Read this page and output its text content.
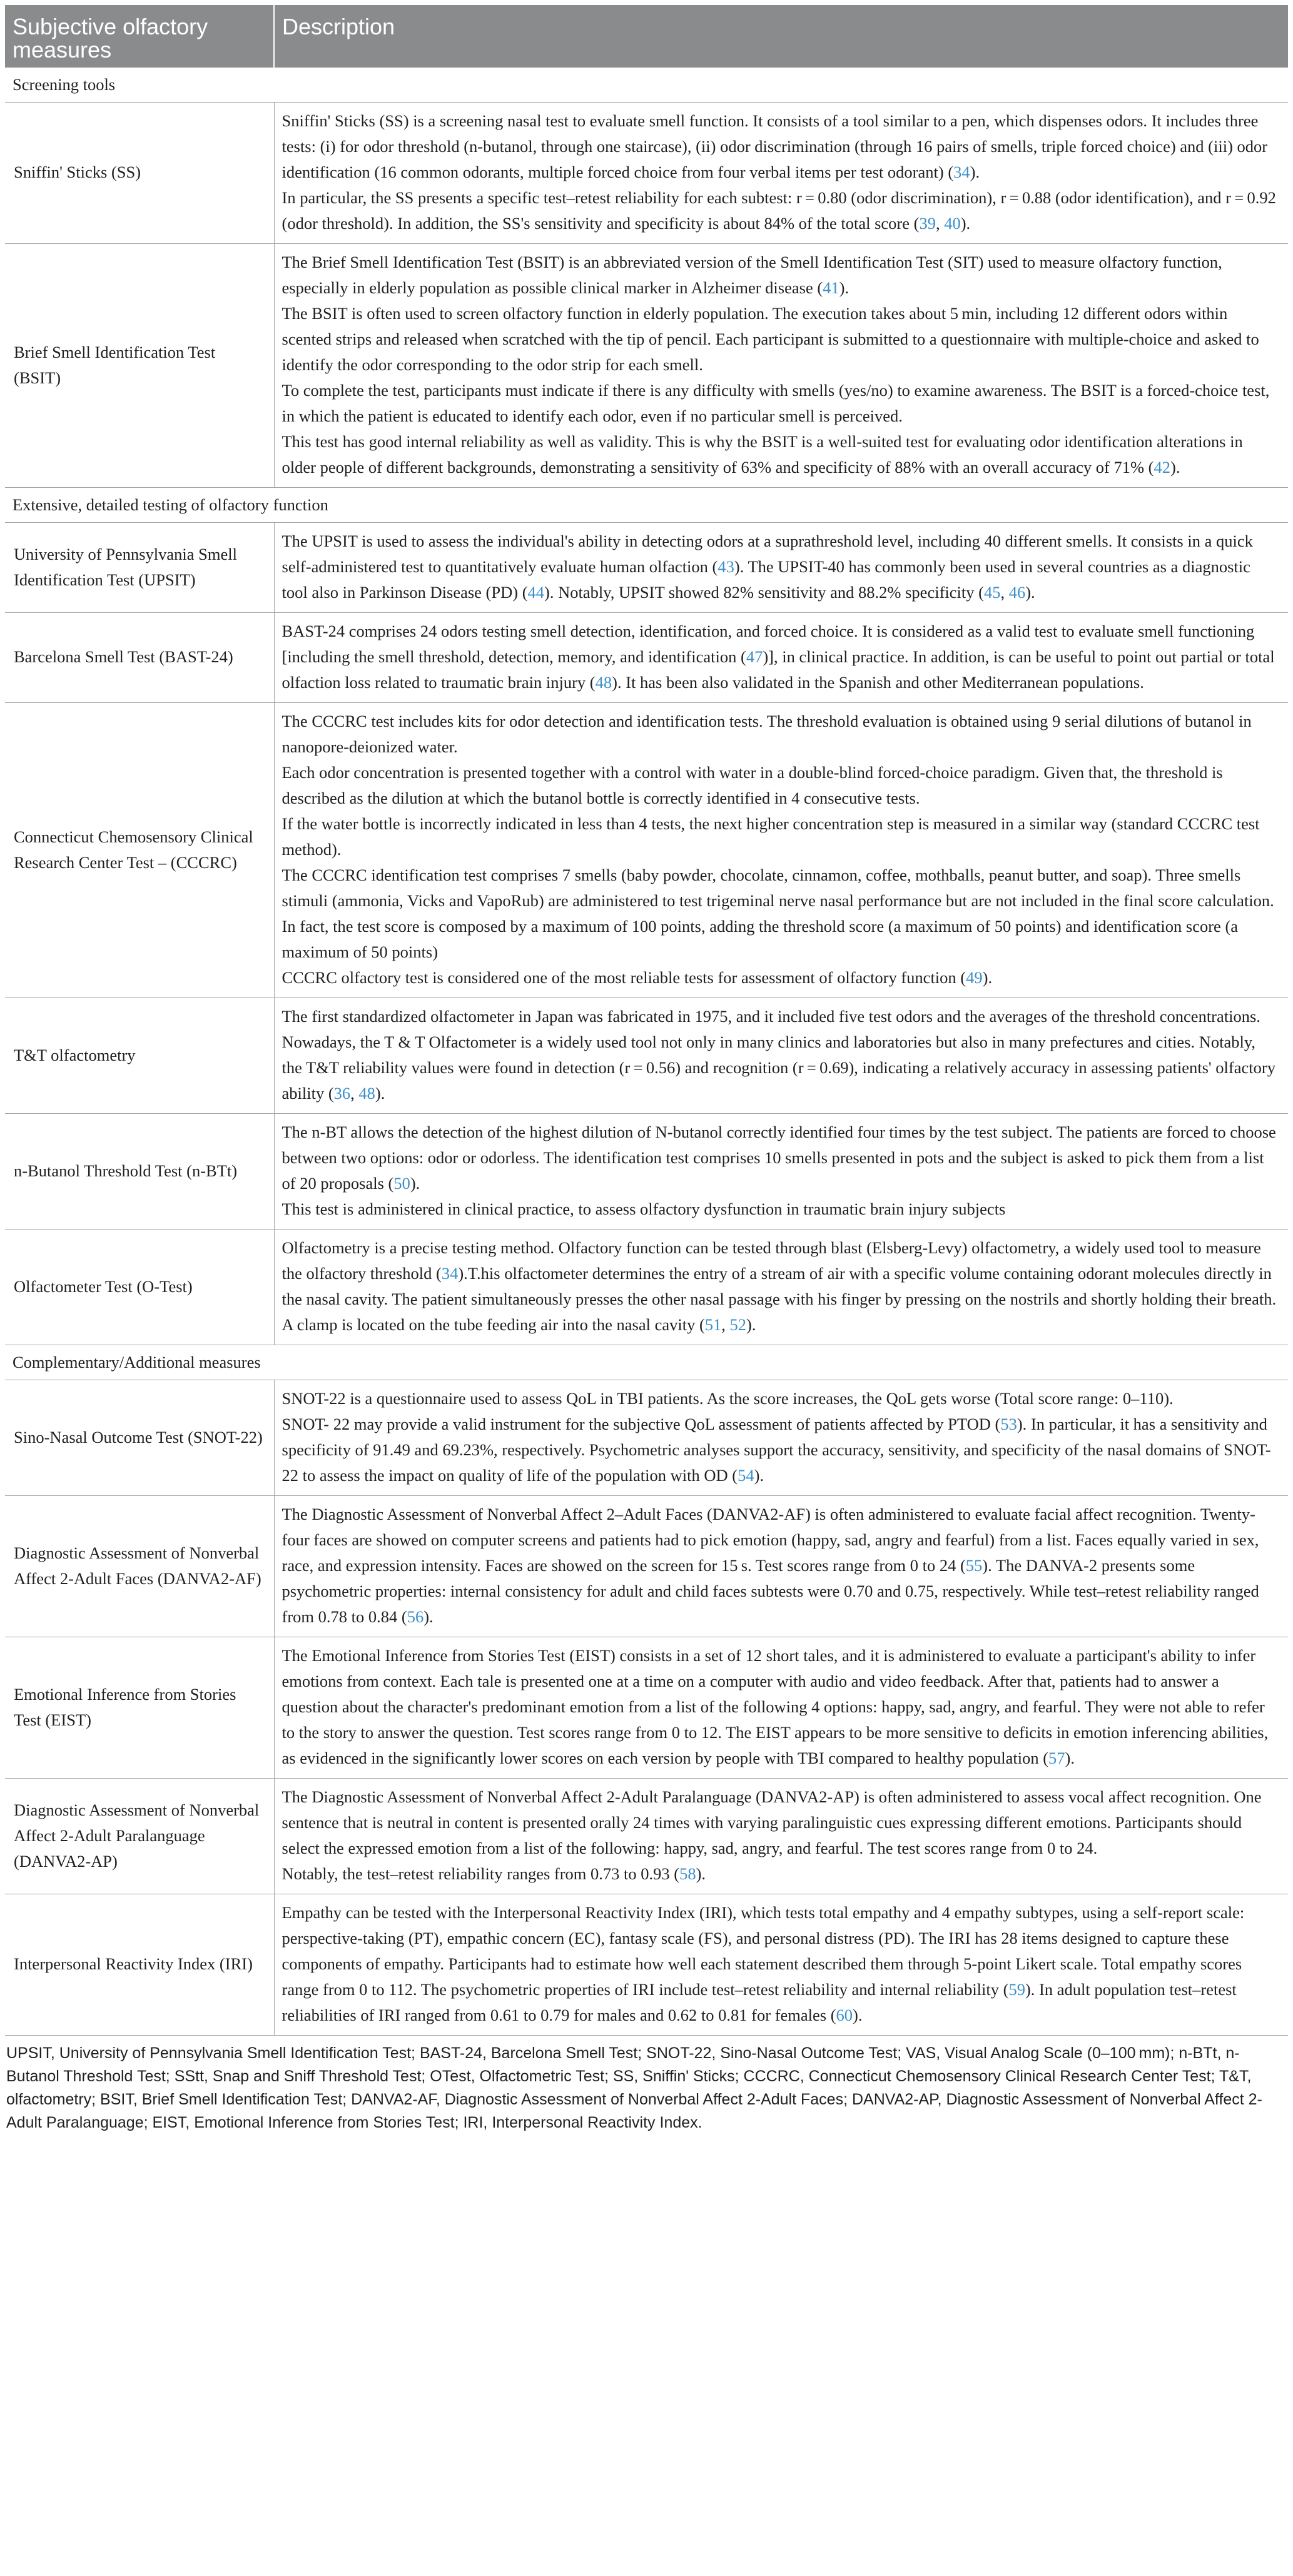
Subjective olfactory measures	Description
Screening tools	
Sniffin' Sticks (SS)	Sniffin' Sticks (SS) is a screening nasal test to evaluate smell function. It consists of a tool similar to a pen, which dispenses odors. It includes three tests: (i) for odor threshold (n-butanol, through one staircase), (ii) odor discrimination (through 16 pairs of smells, triple forced choice) and (iii) odor identification (16 common odorants, multiple forced choice from four verbal items per test odorant) (34).

In particular, the SS presents a specific test–retest reliability for each subtest: r = 0.80 (odor discrimination), r = 0.88 (odor identification), and r = 0.92 (odor threshold). In addition, the SS's sensitivity and specificity is about 84% of the total score (39, 40).

Brief Smell Identification Test (BSIT)	The Brief Smell Identification Test (BSIT) is an abbreviated version of the Smell Identification Test (SIT) used to measure olfactory function, especially in elderly population as possible clinical marker in Alzheimer disease (41).

The BSIT is often used to screen olfactory function in elderly population. The execution takes about 5 min, including 12 different odors within scented strips and released when scratched with the tip of pencil. Each participant is submitted to a questionnaire with multiple-choice and asked to identify the odor corresponding to the odor strip for each smell.

To complete the test, participants must indicate if there is any difficulty with smells (yes/no) to examine awareness. The BSIT is a forced-choice test, in which the patient is educated to identify each odor, even if no particular smell is perceived.

This test has good internal reliability as well as validity. This is why the BSIT is a well-suited test for evaluating odor identification alterations in older people of different backgrounds, demonstrating a sensitivity of 63% and specificity of 88% with an overall accuracy of 71% (42).

Extensive, detailed testing of olfactory function	
University of Pennsylvania Smell Identification Test (UPSIT)	The UPSIT is used to assess the individual's ability in detecting odors at a suprathreshold level, including 40 different smells. It consists in a quick self-administered test to quantitatively evaluate human olfaction (43). The UPSIT-40 has commonly been used in several countries as a diagnostic tool also in Parkinson Disease (PD) (44). Notably, UPSIT showed 82% sensitivity and 88.2% specificity (45, 46).

Barcelona Smell Test (BAST-24)	BAST-24 comprises 24 odors testing smell detection, identification, and forced choice. It is considered as a valid test to evaluate smell functioning [including the smell threshold, detection, memory, and identification (47)], in clinical practice. In addition, is can be useful to point out partial or total olfaction loss related to traumatic brain injury (48). It has been also validated in the Spanish and other Mediterranean populations.

Connecticut Chemosensory Clinical Research Center Test – (CCCRC)	The CCCRC test includes kits for odor detection and identification tests. The threshold evaluation is obtained using 9 serial dilutions of butanol in nanopore-deionized water.

Each odor concentration is presented together with a control with water in a double-blind forced-choice paradigm. Given that, the threshold is described as the dilution at which the butanol bottle is correctly identified in 4 consecutive tests.

If the water bottle is incorrectly indicated in less than 4 tests, the next higher concentration step is measured in a similar way (standard CCCRC test method).

The CCCRC identification test comprises 7 smells (baby powder, chocolate, cinnamon, coffee, mothballs, peanut butter, and soap). Three smells stimuli (ammonia, Vicks and VapoRub) are administered to test trigeminal nerve nasal performance but are not included in the final score calculation. In fact, the test score is composed by a maximum of 100 points, adding the threshold score (a maximum of 50 points) and identification score (a maximum of 50 points)

CCCRC olfactory test is considered one of the most reliable tests for assessment of olfactory function (49).

T&T olfactometry	The first standardized olfactometer in Japan was fabricated in 1975, and it included five test odors and the averages of the threshold concentrations. Nowadays, the T & T Olfactometer is a widely used tool not only in many clinics and laboratories but also in many prefectures and cities. Notably, the T&T reliability values were found in detection (r = 0.56) and recognition (r = 0.69), indicating a relatively accuracy in assessing patients' olfactory ability (36, 48).

n-Butanol Threshold Test (n-BTt)	The n-BT allows the detection of the highest dilution of N-butanol correctly identified four times by the test subject. The patients are forced to choose between two options: odor or odorless. The identification test comprises 10 smells presented in pots and the subject is asked to pick them from a list of 20 proposals (50).

This test is administered in clinical practice, to assess olfactory dysfunction in traumatic brain injury subjects

Olfactometer Test (O-Test)	Olfactometry is a precise testing method. Olfactory function can be tested through blast (Elsberg-Levy) olfactometry, a widely used tool to measure the olfactory threshold (34).T.his olfactometer determines the entry of a stream of air with a specific volume containing odorant molecules directly in the nasal cavity. The patient simultaneously presses the other nasal passage with his finger by pressing on the nostrils and shortly holding their breath. A clamp is located on the tube feeding air into the nasal cavity (51, 52).

Complementary/Additional measures	
Sino-Nasal Outcome Test (SNOT-22)	SNOT-22 is a questionnaire used to assess QoL in TBI patients. As the score increases, the QoL gets worse (Total score range: 0–110).

SNOT- 22 may provide a valid instrument for the subjective QoL assessment of patients affected by PTOD (53). In particular, it has a sensitivity and specificity of 91.49 and 69.23%, respectively. Psychometric analyses support the accuracy, sensitivity, and specificity of the nasal domains of SNOT-22 to assess the impact on quality of life of the population with OD (54).

Diagnostic Assessment of Nonverbal Affect 2-Adult Faces (DANVA2-AF)	The Diagnostic Assessment of Nonverbal Affect 2–Adult Faces (DANVA2-AF) is often administered to evaluate facial affect recognition. Twenty-four faces are showed on computer screens and patients had to pick emotion (happy, sad, angry and fearful) from a list. Faces equally varied in sex, race, and expression intensity. Faces are showed on the screen for 15 s. Test scores range from 0 to 24 (55). The DANVA-2 presents some psychometric properties: internal consistency for adult and child faces subtests were 0.70 and 0.75, respectively. While test–retest reliability ranged from 0.78 to 0.84 (56).

Emotional Inference from Stories Test (EIST)	The Emotional Inference from Stories Test (EIST) consists in a set of 12 short tales, and it is administered to evaluate a participant's ability to infer emotions from context. Each tale is presented one at a time on a computer with audio and video feedback. After that, patients had to answer a question about the character's predominant emotion from a list of the following 4 options: happy, sad, angry, and fearful. They were not able to refer to the story to answer the question. Test scores range from 0 to 12. The EIST appears to be more sensitive to deficits in emotion inferencing abilities, as evidenced in the significantly lower scores on each version by people with TBI compared to healthy population (57).

Diagnostic Assessment of Nonverbal Affect 2-Adult Paralanguage (DANVA2-AP)	The Diagnostic Assessment of Nonverbal Affect 2-Adult Paralanguage (DANVA2-AP) is often administered to assess vocal affect recognition. One sentence that is neutral in content is presented orally 24 times with varying paralinguistic cues expressing different emotions. Participants should select the expressed emotion from a list of the following: happy, sad, angry, and fearful. The test scores range from 0 to 24.

Notably, the test–retest reliability ranges from 0.73 to 0.93 (58).

Interpersonal Reactivity Index (IRI)	Empathy can be tested with the Interpersonal Reactivity Index (IRI), which tests total empathy and 4 empathy subtypes, using a self-report scale: perspective-taking (PT), empathic concern (EC), fantasy scale (FS), and personal distress (PD). The IRI has 28 items designed to capture these components of empathy. Participants had to estimate how well each statement described them through 5-point Likert scale. Total empathy scores range from 0 to 112. The psychometric properties of IRI include test–retest reliability and internal reliability (59). In adult population test–retest reliabilities of IRI ranged from 0.61 to 0.79 for males and 0.62 to 0.81 for females (60).

UPSIT, University of Pennsylvania Smell Identification Test; BAST-24, Barcelona Smell Test; SNOT-22, Sino-Nasal Outcome Test; VAS, Visual Analog Scale (0–100 mm); n-BTt, n-Butanol Threshold Test; SStt, Snap and Sniff Threshold Test; OTest, Olfactometric Test; SS, Sniffin' Sticks; CCCRC, Connecticut Chemosensory Clinical Research Center Test; T&T, olfactometry; BSIT, Brief Smell Identification Test; DANVA2-AF, Diagnostic Assessment of Nonverbal Affect 2-Adult Faces; DANVA2-AP, Diagnostic Assessment of Nonverbal Affect 2-Adult Paralanguage; EIST, Emotional Inference from Stories Test; IRI, Interpersonal Reactivity Index.
